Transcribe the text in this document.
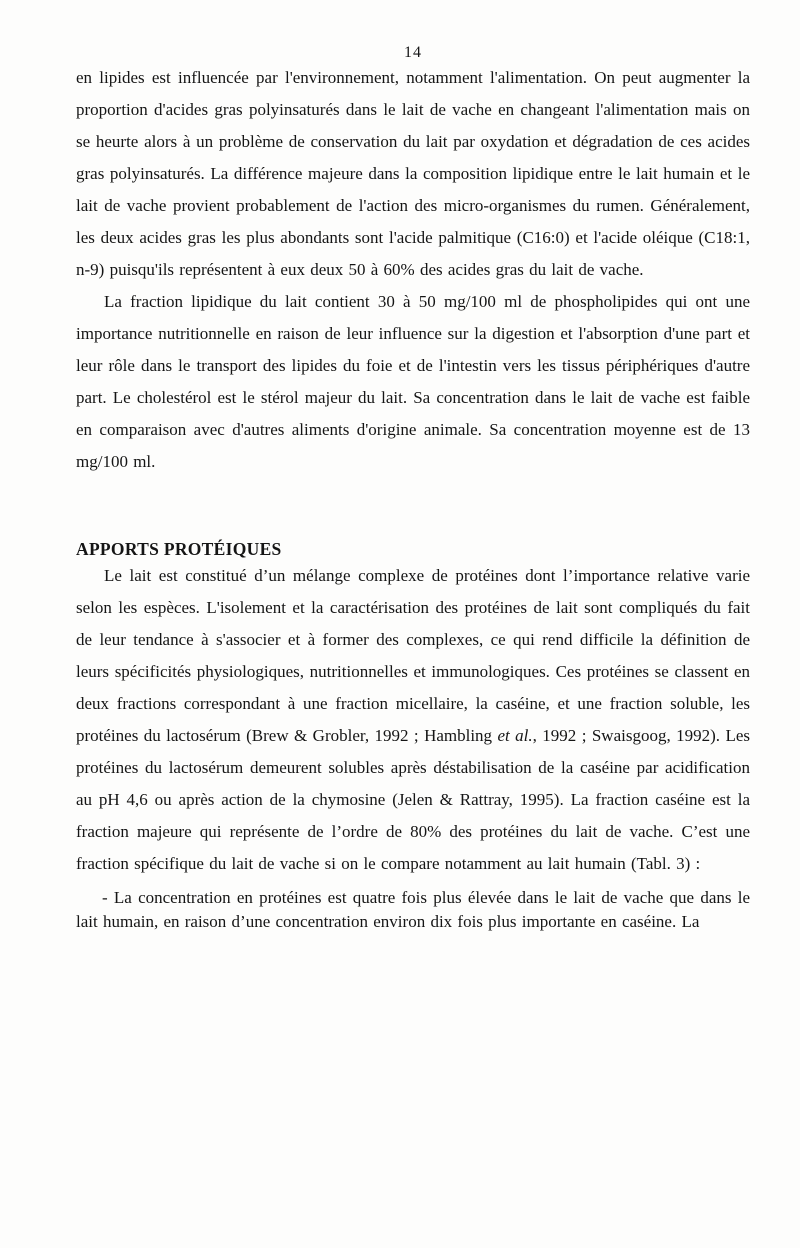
14

en lipides est influencée par l'environnement, notamment l'alimentation. On peut augmenter la proportion d'acides gras polyinsaturés dans le lait de vache en changeant l'alimentation mais on se heurte alors à un problème de conservation du lait par oxydation et dégradation de ces acides gras polyinsaturés. La différence majeure dans la composition lipidique entre le lait humain et le lait de vache provient probablement de l'action des micro-organismes du rumen. Généralement, les deux acides gras les plus abondants sont l'acide palmitique (C16:0) et l'acide oléique (C18:1, n-9) puisqu'ils représentent à eux deux 50 à 60% des acides gras du lait de vache.

La fraction lipidique du lait contient 30 à 50 mg/100 ml de phospholipides qui ont une importance nutritionnelle en raison de leur influence sur la digestion et l'absorption d'une part et leur rôle dans le transport des lipides du foie et de l'intestin vers les tissus périphériques d'autre part. Le cholestérol est le stérol majeur du lait. Sa concentration dans le lait de vache est faible en comparaison avec d'autres aliments d'origine animale. Sa concentration moyenne est de 13 mg/100 ml.

APPORTS PROTÉIQUES

Le lait est constitué d’un mélange complexe de protéines dont l’importance relative varie selon les espèces. L'isolement et la caractérisation des protéines de lait sont compliqués du fait de leur tendance à s'associer et à former des complexes, ce qui rend difficile la définition de leurs spécificités physiologiques, nutritionnelles et immunologiques. Ces protéines se classent en deux fractions correspondant à une fraction micellaire, la caséine, et une fraction soluble, les protéines du lactosérum (Brew & Grobler, 1992 ; Hambling et al., 1992 ; Swaisgoog, 1992). Les protéines du lactosérum demeurent solubles après déstabilisation de la caséine par acidification au pH 4,6 ou après action de la chymosine (Jelen & Rattray, 1995). La fraction caséine est la fraction majeure qui représente de l’ordre de 80% des protéines du lait de vache. C’est une fraction spécifique du lait de vache si on le compare notamment au lait humain (Tabl. 3) :

- La concentration en protéines est quatre fois plus élevée dans le lait de vache que dans le lait humain, en raison d’une concentration environ dix fois plus importante en caséine. La
